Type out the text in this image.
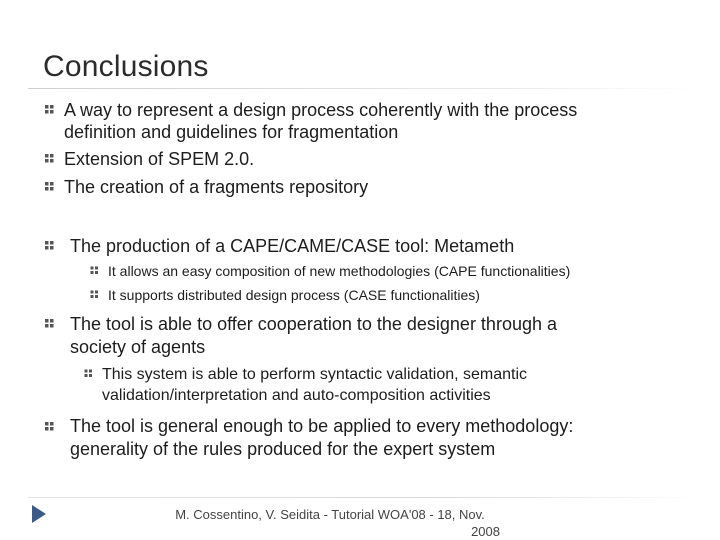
Conclusions
A way to represent a design process coherently with the process
definition and guidelines for fragmentation
Extension of SPEM 2.0.
The creation of a fragments repository
The production of a CAPE/CAME/CASE tool: Metameth
It allows an easy composition of new methodologies (CAPE functionalities)
It supports distributed design process (CASE functionalities)
The tool is able to offer cooperation to the designer through a
society of agents
This system is able to perform syntactic validation, semantic
validation/interpretation and auto-composition activities
The tool is general enough to be applied to every methodology:
generality of the rules produced for the expert system
M. Cossentino, V. Seidita - Tutorial WOA'08 - 18, Nov.
2008
